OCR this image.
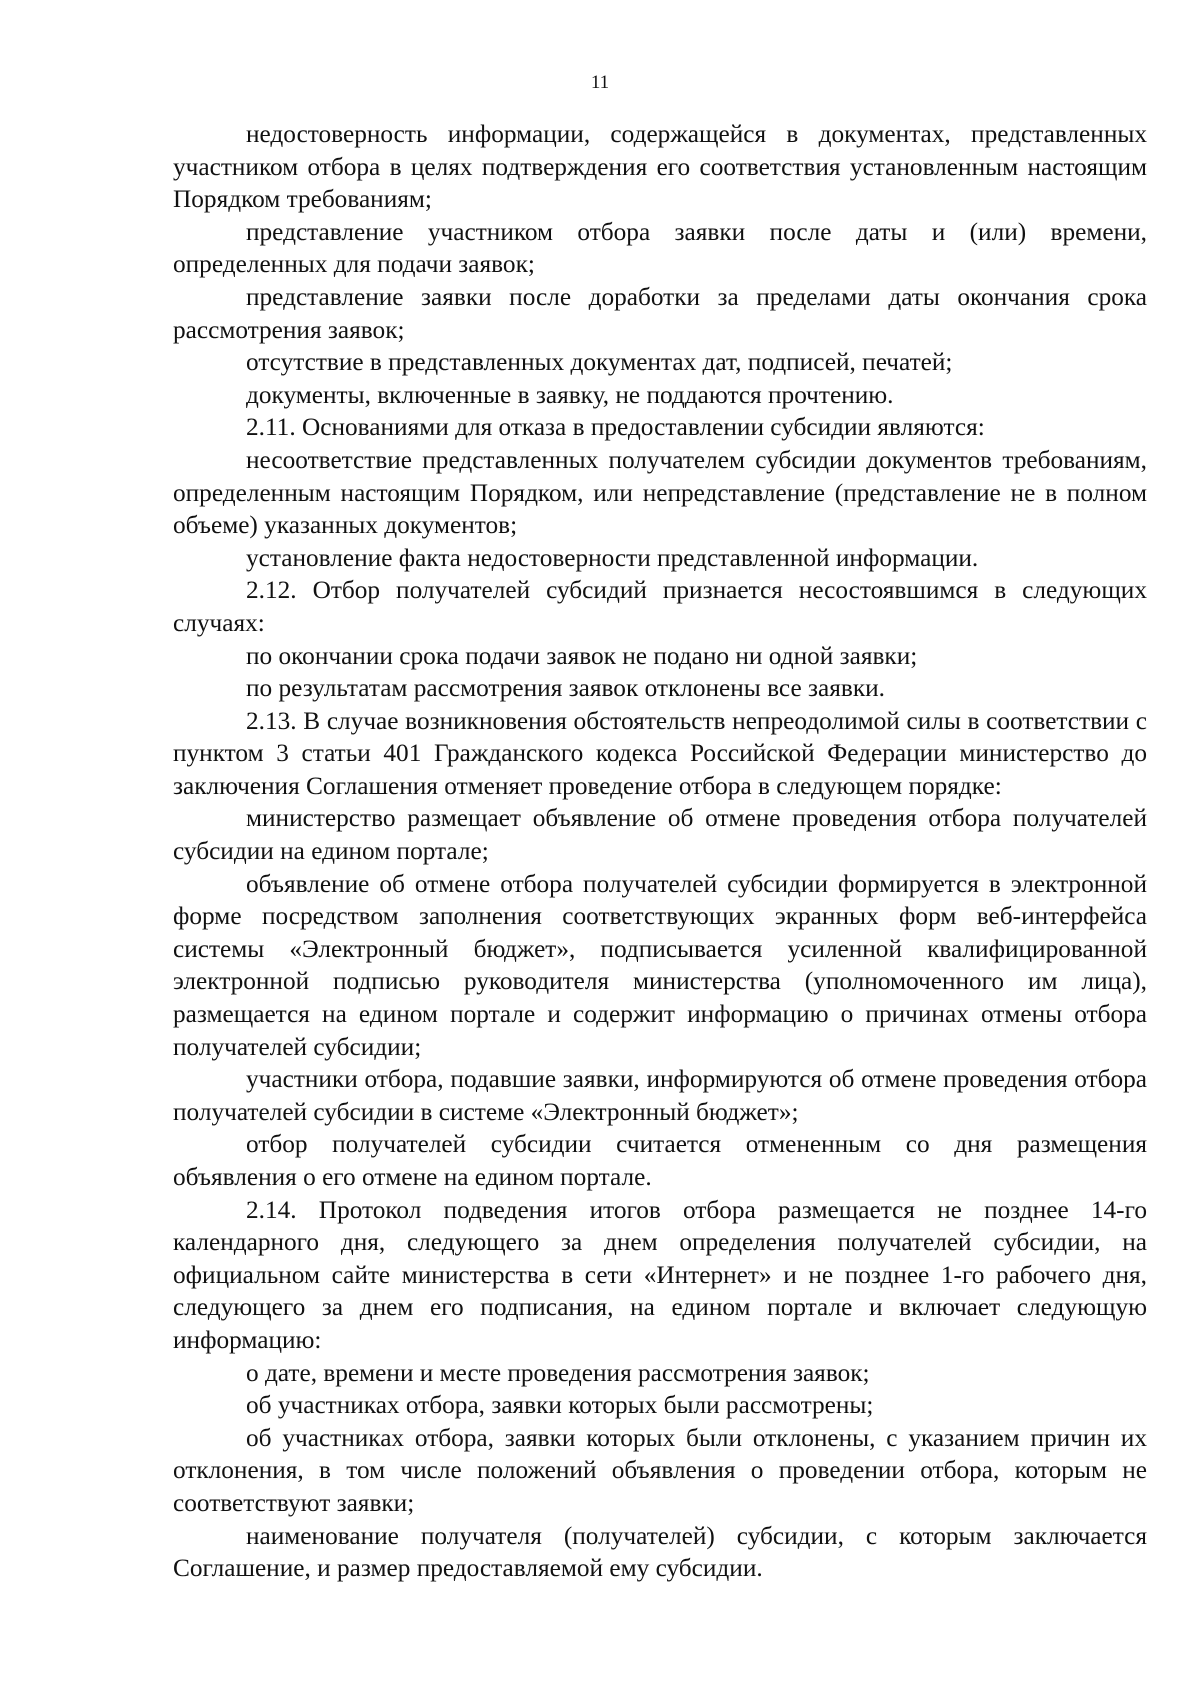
11

недостоверность информации, содержащейся в документах, представленных участником отбора в целях подтверждения его соответствия установленным настоящим Порядком требованиям;

представление участником отбора заявки после даты и (или) времени, определенных для подачи заявок;

представление заявки после доработки за пределами даты окончания срока рассмотрения заявок;

отсутствие в представленных документах дат, подписей, печатей;

документы, включенные в заявку, не поддаются прочтению.

2.11. Основаниями для отказа в предоставлении субсидии являются:

несоответствие представленных получателем субсидии документов требованиям, определенным настоящим Порядком, или непредставление (представление не в полном объеме) указанных документов;

установление факта недостоверности представленной информации.

2.12. Отбор получателей субсидий признается несостоявшимся в следующих случаях:

по окончании срока подачи заявок не подано ни одной заявки;

по результатам рассмотрения заявок отклонены все заявки.

2.13. В случае возникновения обстоятельств непреодолимой силы в соответствии с пунктом 3 статьи 401 Гражданского кодекса Российской Федерации министерство до заключения Соглашения отменяет проведение отбора в следующем порядке:

министерство размещает объявление об отмене проведения отбора получателей субсидии на едином портале;

объявление об отмене отбора получателей субсидии формируется в электронной форме посредством заполнения соответствующих экранных форм веб-интерфейса системы «Электронный бюджет», подписывается усиленной квалифицированной электронной подписью руководителя министерства (уполномоченного им лица), размещается на едином портале и содержит информацию о причинах отмены отбора получателей субсидии;

участники отбора, подавшие заявки, информируются об отмене проведения отбора получателей субсидии в системе «Электронный бюджет»;

отбор получателей субсидии считается отмененным со дня размещения объявления о его отмене на едином портале.

2.14. Протокол подведения итогов отбора размещается не позднее 14-го календарного дня, следующего за днем определения получателей субсидии, на официальном сайте министерства в сети «Интернет» и не позднее 1-го рабочего дня, следующего за днем его подписания, на едином портале и включает следующую информацию:

о дате, времени и месте проведения рассмотрения заявок;

об участниках отбора, заявки которых были рассмотрены;

об участниках отбора, заявки которых были отклонены, с указанием причин их отклонения, в том числе положений объявления о проведении отбора, которым не соответствуют заявки;

наименование получателя (получателей) субсидии, с которым заключается Соглашение, и размер предоставляемой ему субсидии.
